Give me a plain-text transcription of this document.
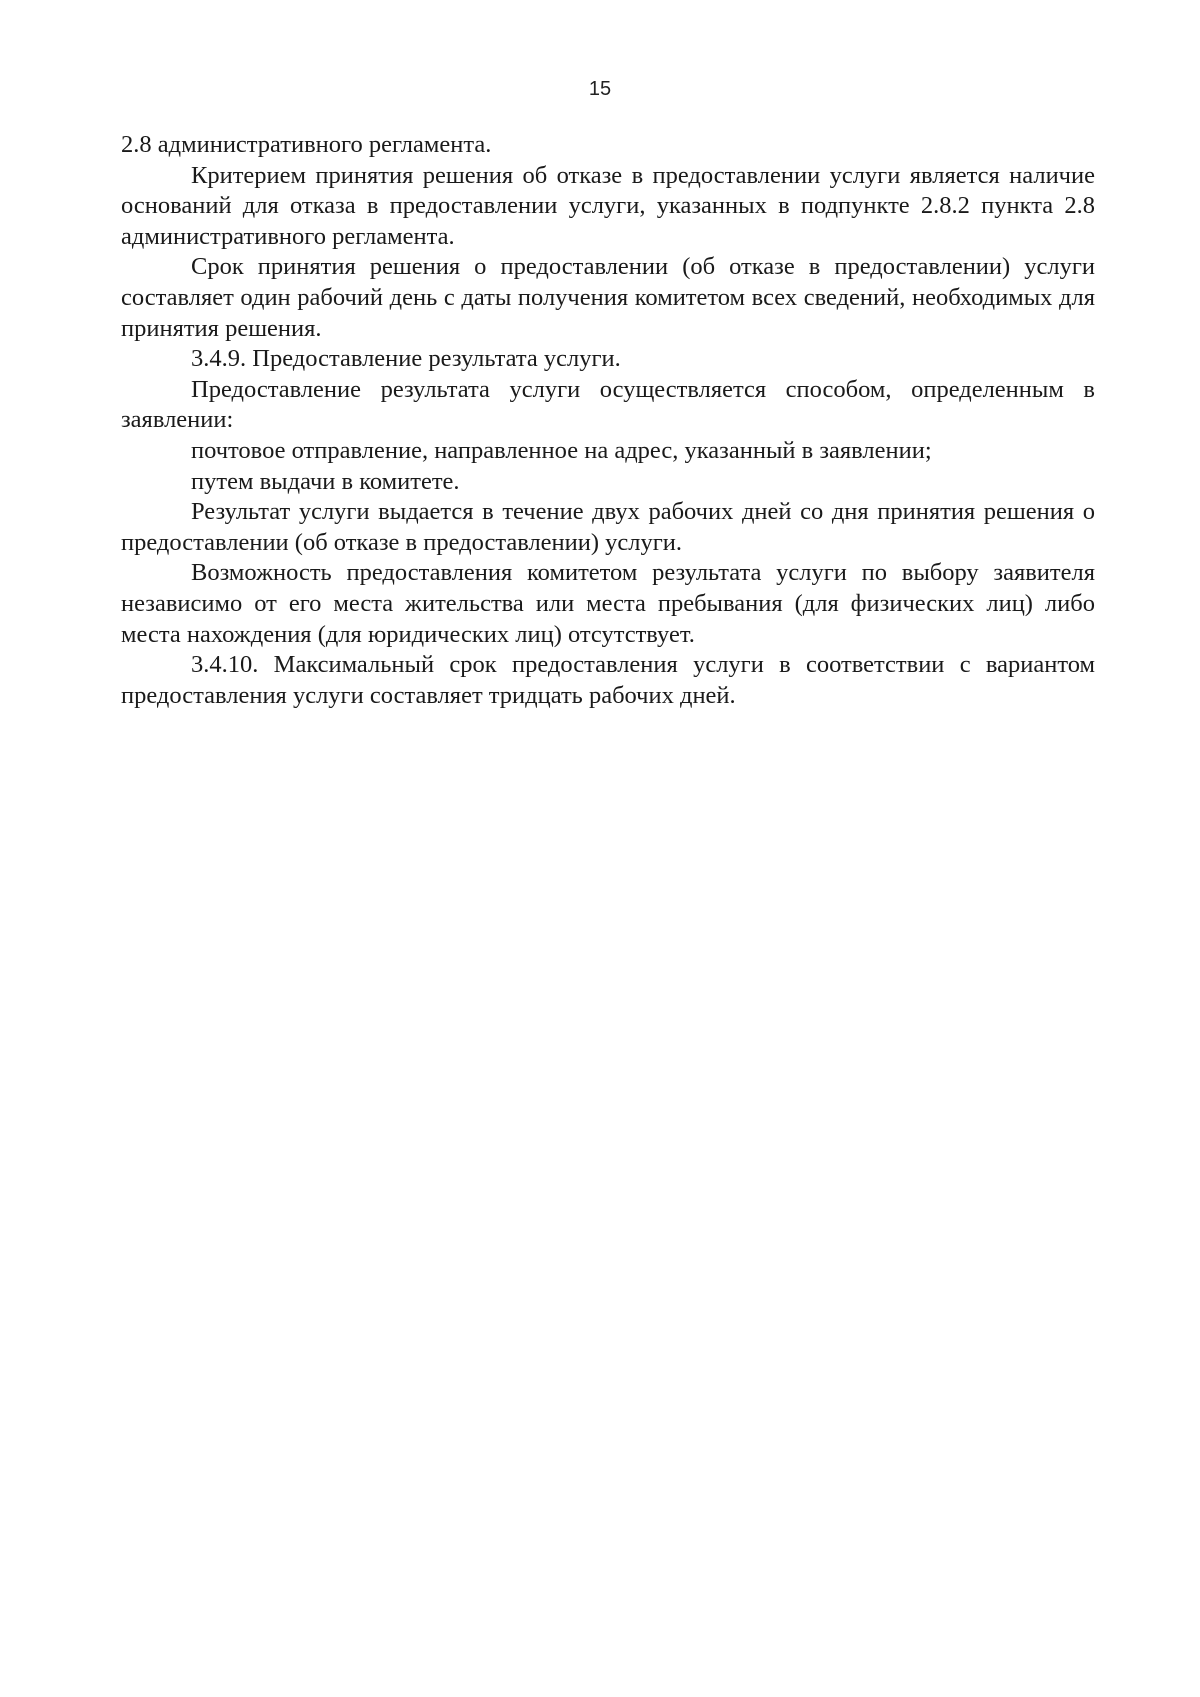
15

2.8 административного регламента.

Критерием принятия решения об отказе в предоставлении услуги является наличие оснований для отказа в предоставлении услуги, указанных в подпункте 2.8.2 пункта 2.8 административного регламента.

Срок принятия решения о предоставлении (об отказе в предоставлении) услуги составляет один рабочий день с даты получения комитетом всех сведений, необходимых для принятия решения.

3.4.9. Предоставление результата услуги.

Предоставление результата услуги осуществляется способом, определенным в заявлении:

почтовое отправление, направленное на адрес, указанный в заявлении;

путем выдачи в комитете.

Результат услуги выдается в течение двух рабочих дней со дня принятия решения о предоставлении (об отказе в предоставлении) услуги.

Возможность предоставления комитетом результата услуги по выбору заявителя независимо от его места жительства или места пребывания (для физических лиц) либо места нахождения (для юридических лиц) отсутствует.

3.4.10. Максимальный срок предоставления услуги в соответствии с вариантом предоставления услуги составляет тридцать рабочих дней.
